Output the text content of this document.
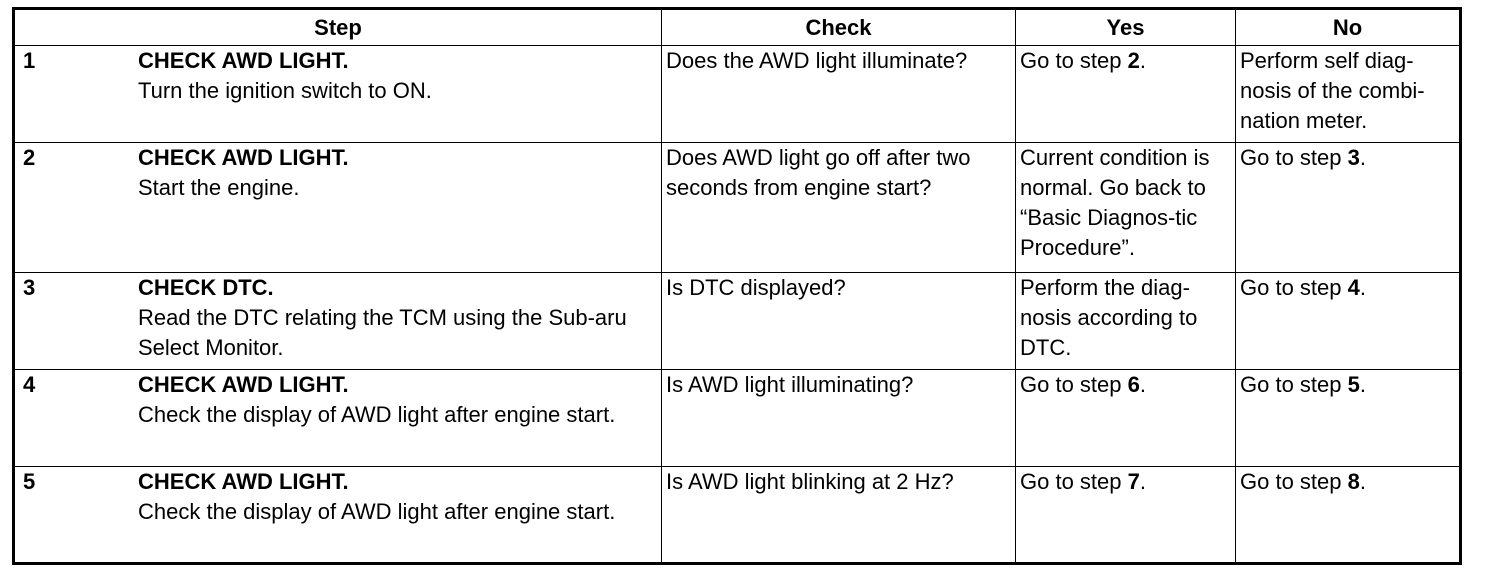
Step	Check	Yes	No

1 CHECK AWD LIGHT.
Turn the ignition switch to ON.	Does the AWD light illuminate?	Go to step 2.	Perform self diag-nosis of the combi-nation meter.

2 CHECK AWD LIGHT.
Start the engine.	Does AWD light go off after two seconds from engine start?	Current condition is normal. Go back to “Basic Diagnos-tic Procedure”.	Go to step 3.

3 CHECK DTC.
Read the DTC relating the TCM using the Sub-aru Select Monitor.	Is DTC displayed?	Perform the diag-nosis according to DTC.	Go to step 4.

4 CHECK AWD LIGHT.
Check the display of AWD light after engine start.	Is AWD light illuminating?	Go to step 6.	Go to step 5.

5 CHECK AWD LIGHT.
Check the display of AWD light after engine start.	Is AWD light blinking at 2 Hz?	Go to step 7.	Go to step 8.
